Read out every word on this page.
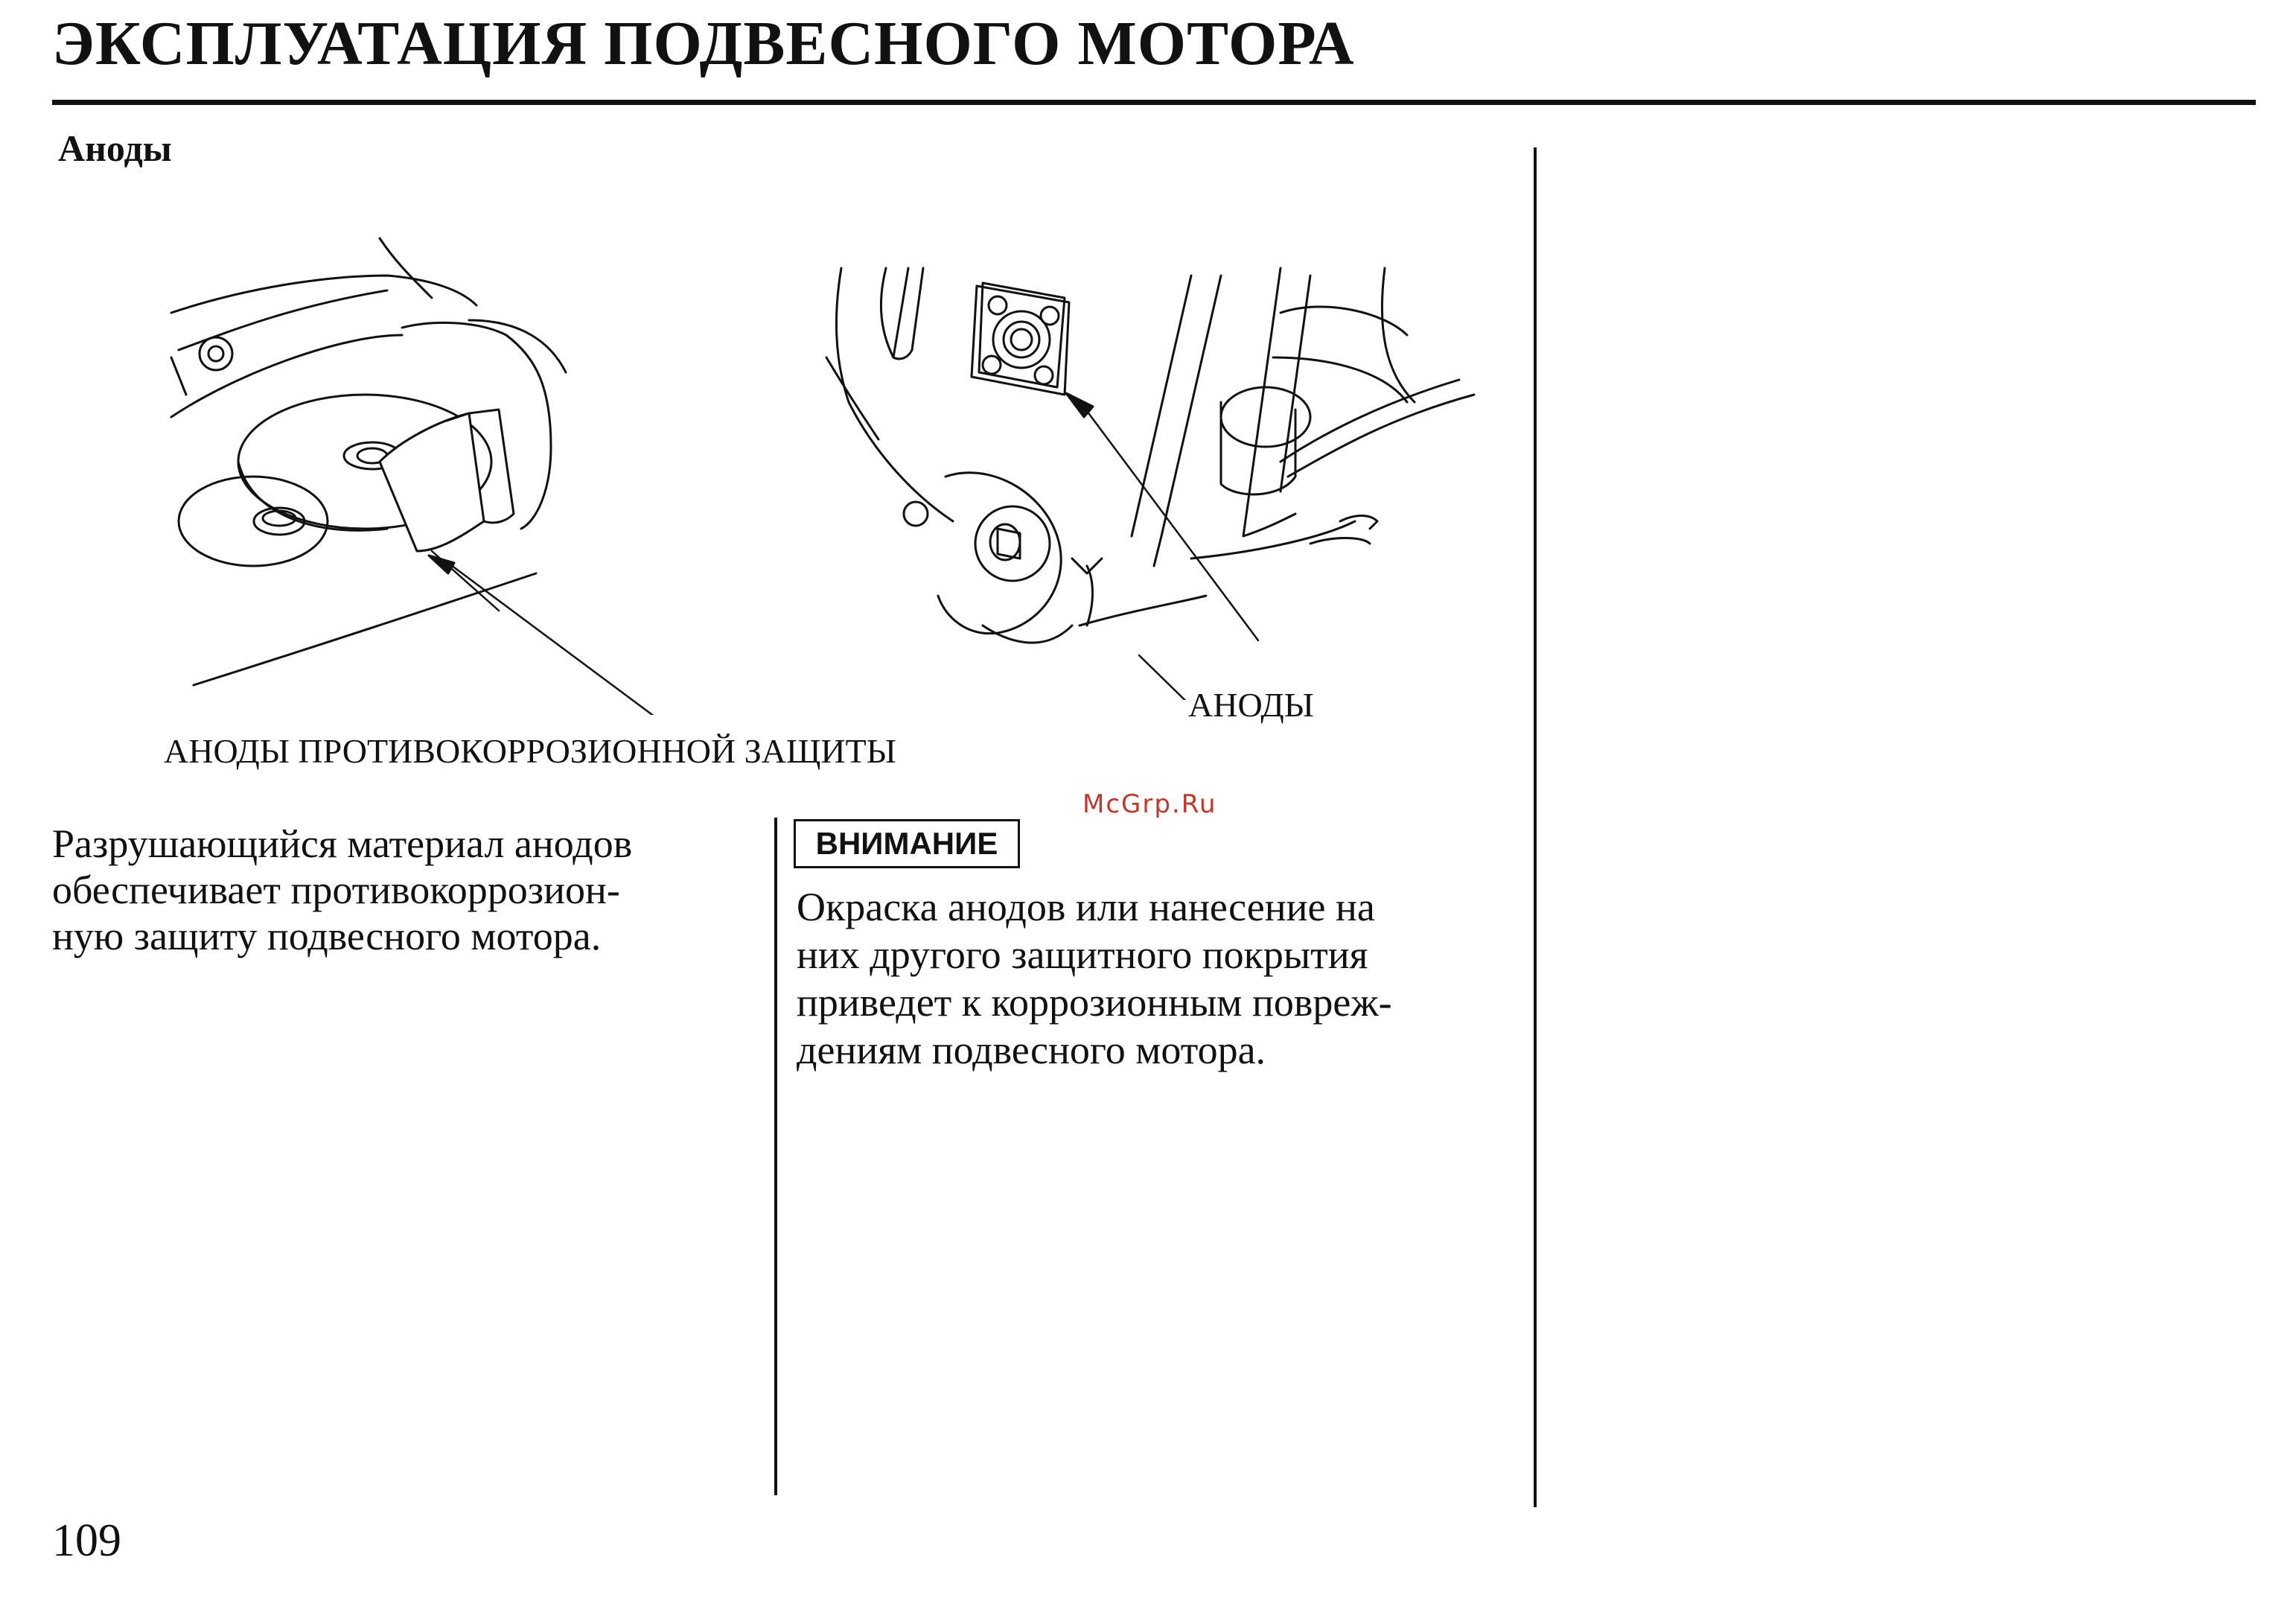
ЭКСПЛУАТАЦИЯ ПОДВЕСНОГО МОТОРА
Аноды
АНОДЫ ПРОТИВОКОРРОЗИОННОЙ ЗАЩИТЫ
АНОДЫ
McGrp.Ru
Разрушающийся материал анодов
обеспечивает противокоррозион-
ную защиту подвесного мотора.
ВНИМАНИЕ
Окраска анодов или нанесение на
них другого защитного покрытия
приведет к коррозионным повреж-
дениям подвесного мотора.
109
